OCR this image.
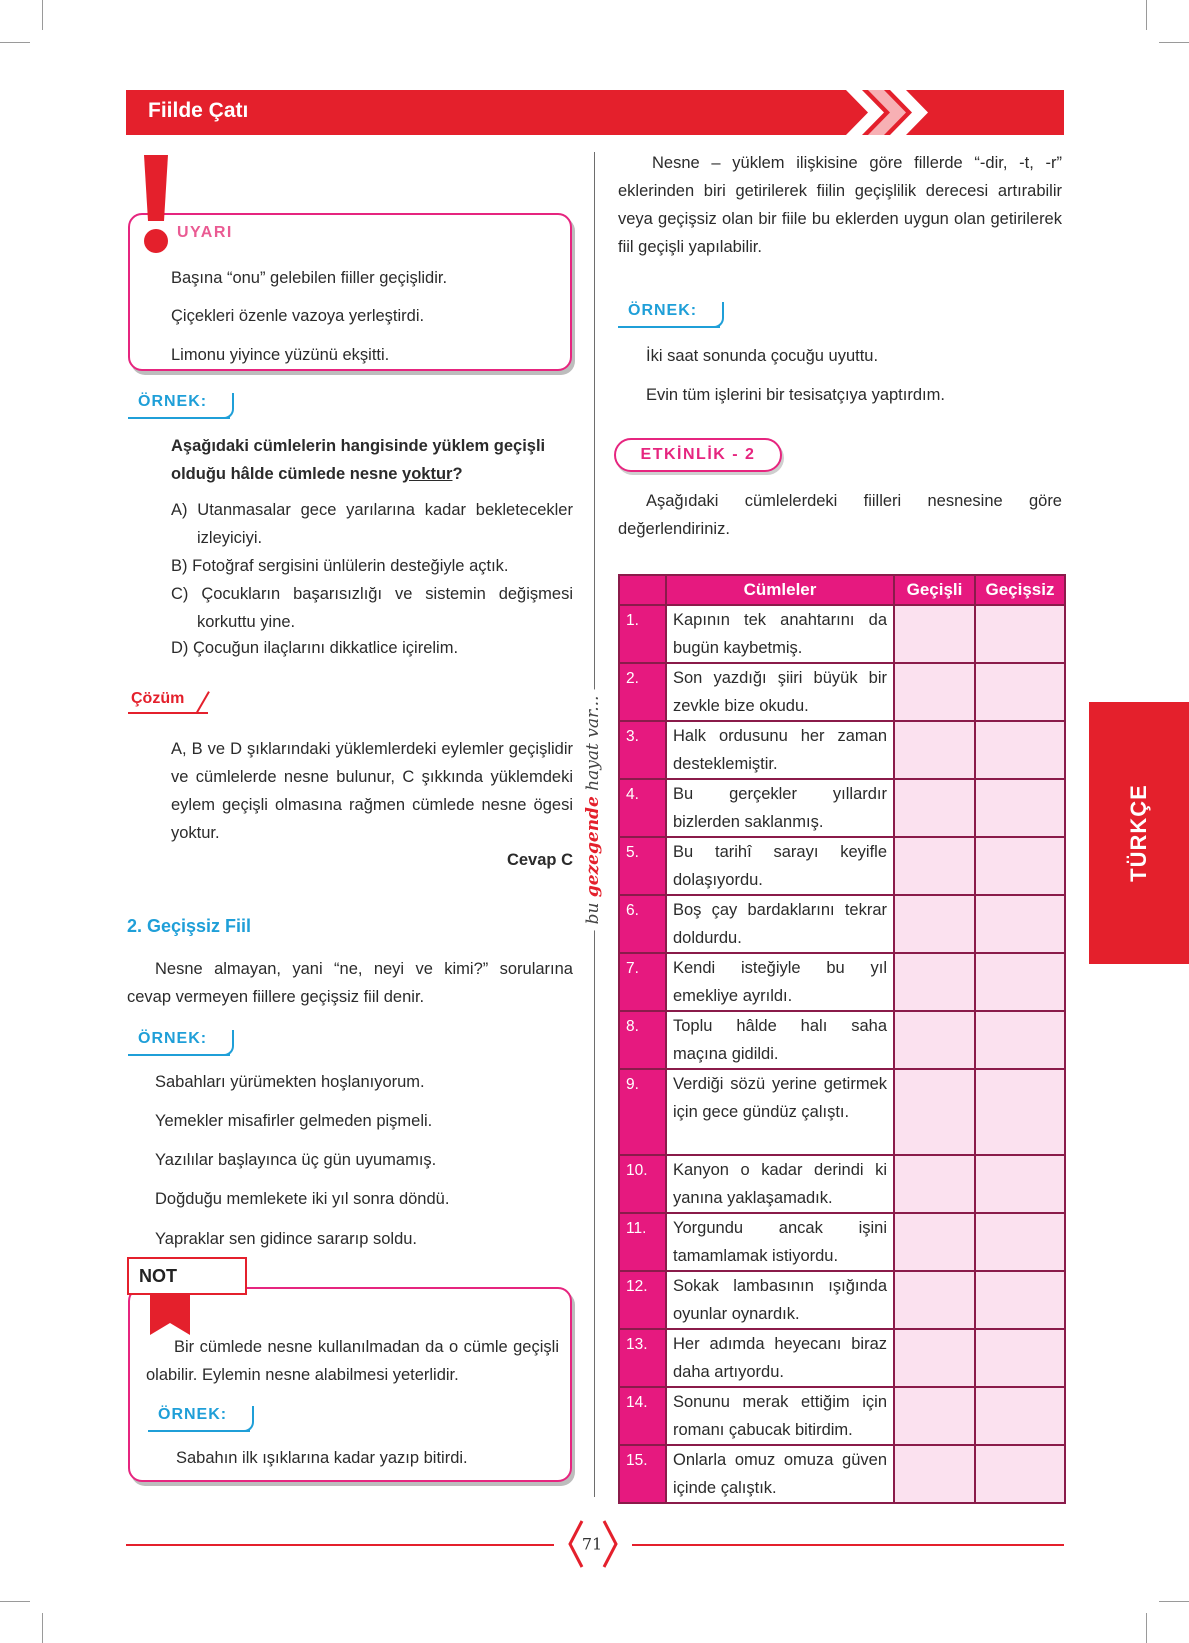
Fiilde Çatı
TÜRKÇE
bu gezegende hayat var...
UYARI
Başına “onu” gelebilen fiiller geçişlidir.
Çiçekleri özenle vazoya yerleştirdi.
Limonu yiyince yüzünü ekşitti.
ÖRNEK:
Aşağıdaki cümlelerin hangisinde yüklem geçişli olduğu hâlde cümlede nesne yoktur?
A) Utanmasalar gece yarılarına kadar bekletecekler izleyiciyi.
B) Fotoğraf sergisini ünlülerin desteğiyle açtık.
C) Çocukların başarısızlığı ve sistemin değişmesi korkuttu yine.
D) Çocuğun ilaçlarını dikkatlice içirelim.
Çözüm
A, B ve D şıklarındaki yüklemlerdeki eylemler geçişlidir ve cümlelerde nesne bulunur, C şıkkında yüklemdeki eylem geçişli olmasına rağmen cümlede nesne ögesi yoktur.
Cevap C
2. Geçişsiz Fiil
Nesne almayan, yani “ne, neyi ve kimi?” sorularına cevap vermeyen fiillere geçişsiz fiil denir.
ÖRNEK:
Sabahları yürümekten hoşlanıyorum.
Yemekler misafirler gelmeden pişmeli.
Yazılılar başlayınca üç gün uyumamış.
Doğduğu memlekete iki yıl sonra döndü.
Yapraklar sen gidince sararıp soldu.
NOT
Bir cümlede nesne kullanılmadan da o cümle geçişli olabilir. Eylemin nesne alabilmesi yeterlidir.
ÖRNEK:
Sabahın ilk ışıklarına kadar yazıp bitirdi.
Nesne – yüklem ilişkisine göre fillerde “-dir, -t, -r” eklerinden biri getirilerek fiilin geçişlilik derecesi artırabilir veya geçişsiz olan bir fiile bu eklerden uygun olan getirilerek fiil geçişli yapılabilir.
ÖRNEK:
İki saat sonunda çocuğu uyuttu.
Evin tüm işlerini bir tesisatçıya yaptırdım.
ETKİNLİK - 2
Aşağıdaki cümlelerdeki fiilleri nesnesine göre değerlendiriniz.
	Cümleler	Geçişli	Geçişsiz
1.	Kapının tek anahtarını da bugün kaybetmiş.		
2.	Son yazdığı şiiri büyük bir zevkle bize okudu.		
3.	Halk ordusunu her zaman desteklemiştir.		
4.	Bu gerçekler yıllardır bizlerden saklanmış.		
5.	Bu tarihî sarayı keyifle dolaşıyordu.		
6.	Boş çay bardaklarını tekrar doldurdu.		
7.	Kendi isteğiyle bu yıl emekliye ayrıldı.		
8.	Toplu hâlde halı saha maçına gidildi.		
9.	Verdiği sözü yerine getirmek için gece gündüz çalıştı.		
10.	Kanyon o kadar derindi ki yanına yaklaşamadık.		
11.	Yorgundu ancak işini tamamlamak istiyordu.		
12.	Sokak lambasının ışığında oyunlar oynardık.		
13.	Her adımda heyecanı biraz daha artıyordu.		
14.	Sonunu merak ettiğim için romanı çabucak bitirdim.		
15.	Onlarla omuz omuza güven içinde çalıştık.		
71
